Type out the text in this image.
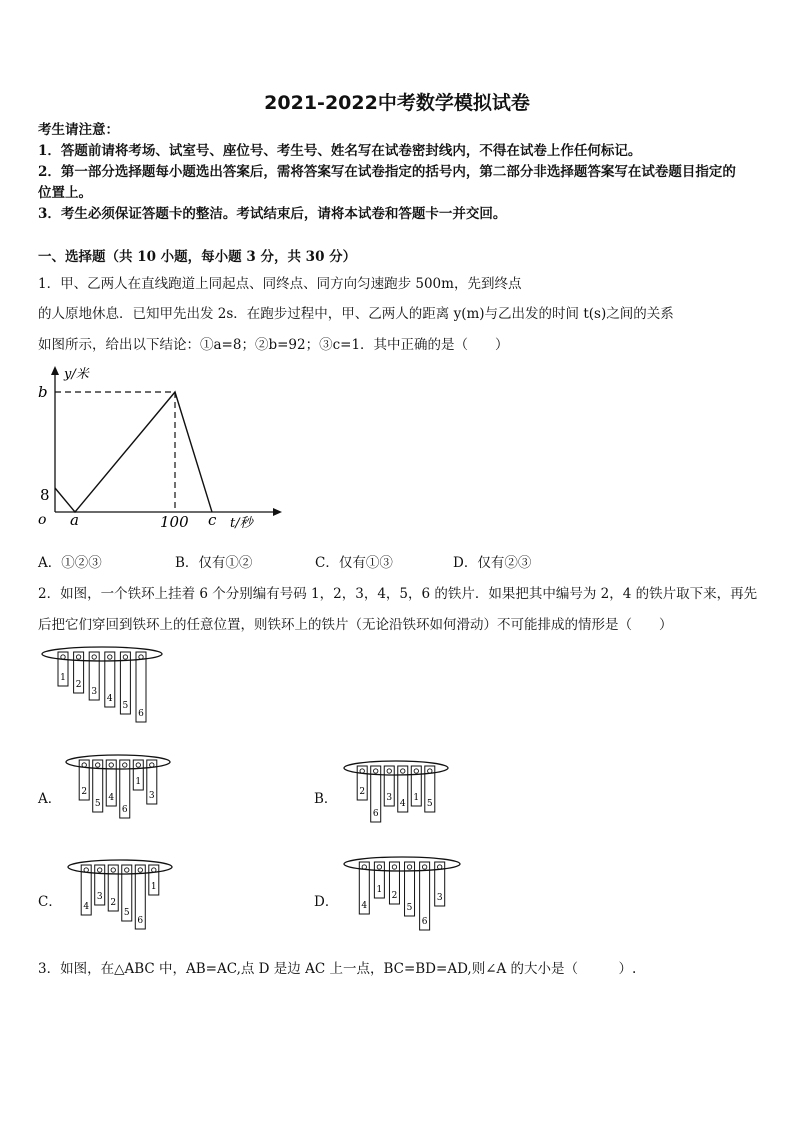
2021-2022中考数学模拟试卷
考生请注意：
1．答题前请将考场、试室号、座位号、考生号、姓名写在试卷密封线内，不得在试卷上作任何标记。
2．第一部分选择题每小题选出答案后，需将答案写在试卷指定的括号内，第二部分非选择题答案写在试卷题目指定的
位置上。
3．考生必须保证答题卡的整洁。考试结束后，请将本试卷和答题卡一并交回。
一、选择题（共 10 小题，每小题 3 分，共 30 分）
1．甲、乙两人在直线跑道上同起点、同终点、同方向匀速跑步 500m，先到终点
的人原地休息．已知甲先出发 2s．在跑步过程中，甲、乙两人的距离 y(m)与乙出发的时间 t(s)之间的关系
如图所示，给出以下结论：①a=8；②b=92；③c=1．其中正确的是（　　）
y/米
b
8
o a	100 c t/秒
A．①②③	B．仅有①②	C．仅有①③	D．仅有②③
2．如图，一个铁环上挂着 6 个分别编有号码 1，2，3，4，5，6 的铁片．如果把其中编号为 2，4 的铁片取下来，再先
后把它们穿回到铁环上的任意位置，则铁环上的铁片（无论沿铁环如何滑动）不可能排成的情形是（　　）
1
2
3
4
5
6
A． 2
5
4
6
1
3	B． 2
6
3
4
1
5
C． 4
3
2
5
6
1
D．	4
1
2
5
6
3
3．如图，在△ABC 中，AB=AC,点 D 是边 AC 上一点，BC=BD=AD,则∠A 的大小是（　　　）.
